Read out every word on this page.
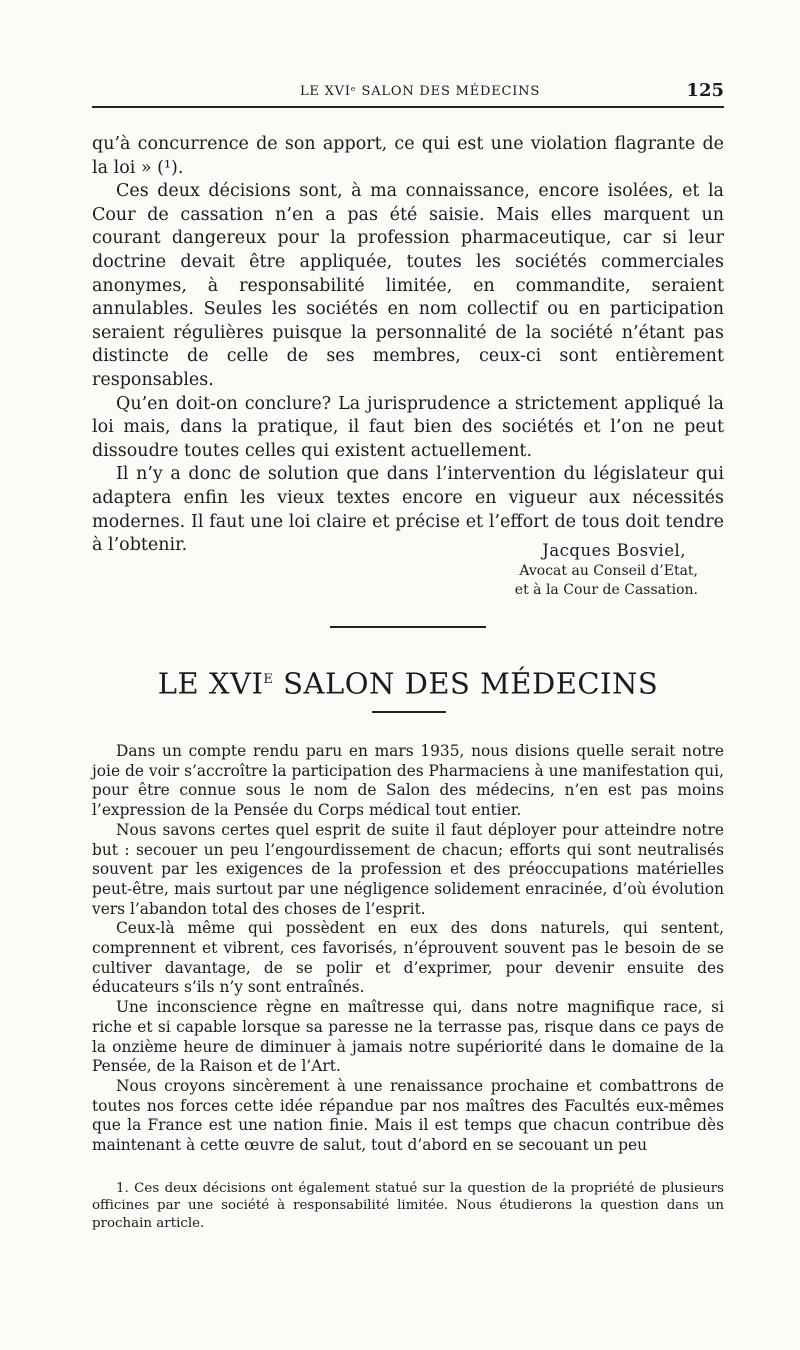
LE XVIᵉ SALON DES MÉDECINS	125

qu’à concurrence de son apport, ce qui est une violation flagrante de la loi » (¹).

Ces deux décisions sont, à ma connaissance, encore isolées, et la Cour de cassation n’en a pas été saisie. Mais elles marquent un courant dangereux pour la profession pharmaceutique, car si leur doctrine devait être appliquée, toutes les sociétés commerciales anonymes, à responsabilité limitée, en commandite, seraient annulables. Seules les sociétés en nom collectif ou en participation seraient régulières puisque la personnalité de la société n’étant pas distincte de celle de ses membres, ceux-ci sont entièrement responsables.

Qu’en doit-on conclure? La jurisprudence a strictement appliqué la loi mais, dans la pratique, il faut bien des sociétés et l’on ne peut dissoudre toutes celles qui existent actuellement.

Il n’y a donc de solution que dans l’intervention du législateur qui adaptera enfin les vieux textes encore en vigueur aux nécessités modernes. Il faut une loi claire et précise et l’effort de tous doit tendre à l’obtenir.	Jacques Bosviel,
Avocat au Conseil d’Etat,
et à la Cour de Cassation.
LE $XVI^E$ SALON DES MÉDECINS

Dans un compte rendu paru en mars 1935, nous disions quelle serait notre joie de voir s’accroître la participation des Pharmaciens à une manifestation qui, pour être connue sous le nom de Salon des médecins, n’en est pas moins l’expression de la Pensée du Corps médical tout entier.

Nous savons certes quel esprit de suite il faut déployer pour atteindre notre but : secouer un peu l’engourdissement de chacun; efforts qui sont neutralisés souvent par les exigences de la profession et des préoccupations matérielles peut-être, mais surtout par une négligence solidement enracinée, d’où évolution vers l’abandon total des choses de l’esprit.

Ceux-là même qui possèdent en eux des dons naturels, qui sentent, comprennent et vibrent, ces favorisés, n’éprouvent souvent pas le besoin de se cultiver davantage, de se polir et d’exprimer, pour devenir ensuite des éducateurs s’ils n’y sont entraînés.

Une inconscience règne en maîtresse qui, dans notre magnifique race, si riche et si capable lorsque sa paresse ne la terrasse pas, risque dans ce pays de la onzième heure de diminuer à jamais notre supériorité dans le domaine de la Pensée, de la Raison et de l’Art.

Nous croyons sincèrement à une renaissance prochaine et combattrons de toutes nos forces cette idée répandue par nos maîtres des Facultés eux-mêmes que la France est une nation finie. Mais il est temps que chacun contribue dès maintenant à cette œuvre de salut, tout d’abord en se secouant un peu

1. Ces deux décisions ont également statué sur la question de la propriété de plusieurs officines par une société à responsabilité limitée. Nous étudierons la question dans un prochain article.
